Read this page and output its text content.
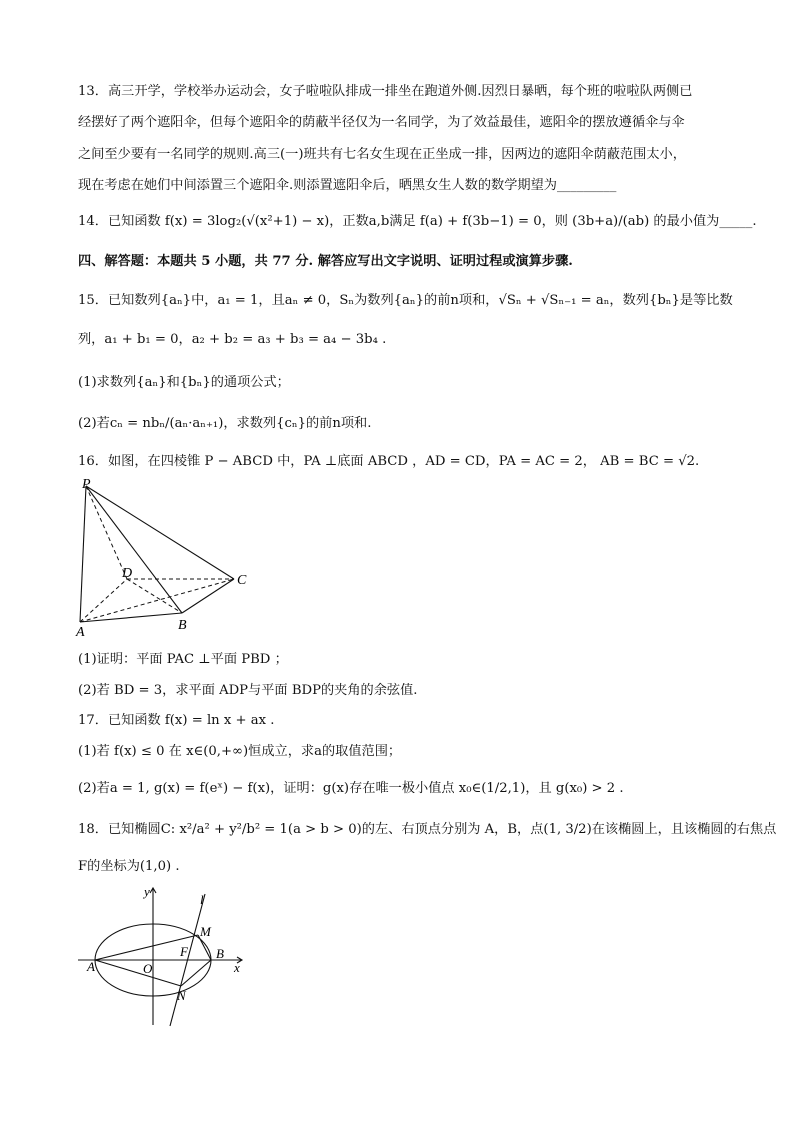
13．高三开学，学校举办运动会，女子啦啦队排成一排坐在跑道外侧.因烈日暴晒，每个班的啦啦队两侧已
经摆好了两个遮阳伞，但每个遮阳伞的荫蔽半径仅为一名同学，为了效益最佳，遮阳伞的摆放遵循伞与伞
之间至少要有一名同学的规则.高三(一)班共有七名女生现在正坐成一排，因两边的遮阳伞荫蔽范围太小，
现在考虑在她们中间添置三个遮阳伞.则添置遮阳伞后，晒黑女生人数的数学期望为_________
14．已知函数 f(x) = 3log₂(√(x²+1) − x)，正数a,b满足 f(a) + f(3b−1) = 0，则 (3b+a)/(ab) 的最小值为_____.
四、解答题：本题共 5 小题，共 77 分. 解答应写出文字说明、证明过程或演算步骤.
15．已知数列{aₙ}中，a₁ = 1，且aₙ ≠ 0，Sₙ为数列{aₙ}的前n项和，√Sₙ + √Sₙ₋₁ = aₙ，数列{bₙ}是等比数
列，a₁ + b₁ = 0，a₂ + b₂ = a₃ + b₃ = a₄ − 3b₄ .
(1)求数列{aₙ}和{bₙ}的通项公式；
(2)若cₙ = nbₙ/(aₙ·aₙ₊₁)，求数列{cₙ}的前n项和.
16．如图，在四棱锥 P − ABCD 中，PA ⊥底面 ABCD ，AD = CD，PA = AC = 2， AB = BC = √2.
P
D	C
A	B
(1)证明：平面 PAC ⊥平面 PBD ；
(2)若 BD = 3，求平面 ADP与平面 BDP的夹角的余弦值.
17．已知函数 f(x) = ln x + ax .
(1)若 f(x) ≤ 0 在 x∈(0,+∞)恒成立，求a的取值范围；
(2)若a = 1, g(x) = f(eˣ) − f(x)，证明：g(x)存在唯一极小值点 x₀∈(1/2,1)，且 g(x₀) > 2 .
18．已知椭圆C: x²/a² + y²/b² = 1(a > b > 0)的左、右顶点分别为 A，B，点(1, 3/2)在该椭圆上，且该椭圆的右焦点
F的坐标为(1,0) .
y
l
M
F B
A	O	x
N
